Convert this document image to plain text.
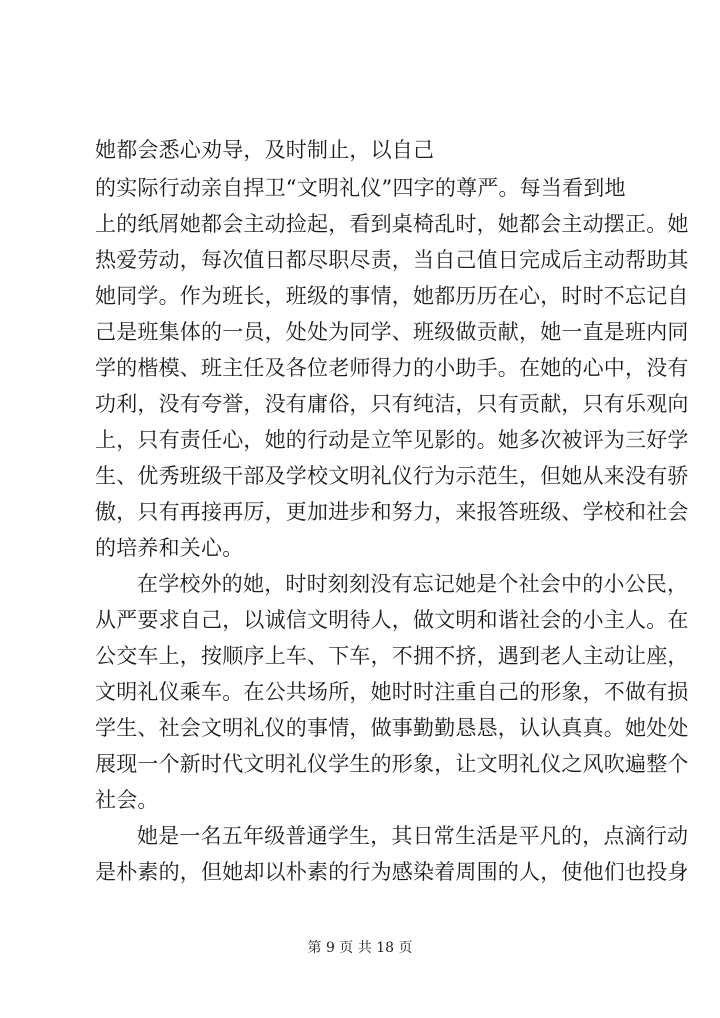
她都会悉心劝导，及时制止，以自己
的实际行动亲自捍卫“文明礼仪”四字的尊严。每当看到地
上的纸屑她都会主动捡起，看到桌椅乱时，她都会主动摆正。她
热爱劳动，每次值日都尽职尽责，当自己值日完成后主动帮助其
她同学。作为班长，班级的事情，她都历历在心，时时不忘记自
己是班集体的一员，处处为同学、班级做贡献，她一直是班内同
学的楷模、班主任及各位老师得力的小助手。在她的心中，没有
功利，没有夸誉，没有庸俗，只有纯洁，只有贡献，只有乐观向
上，只有责任心，她的行动是立竿见影的。她多次被评为三好学
生、优秀班级干部及学校文明礼仪行为示范生，但她从来没有骄
傲，只有再接再厉，更加进步和努力，来报答班级、学校和社会
的培养和关心。
在学校外的她，时时刻刻没有忘记她是个社会中的小公民，
从严要求自己，以诚信文明待人，做文明和谐社会的小主人。在
公交车上，按顺序上车、下车，不拥不挤，遇到老人主动让座，
文明礼仪乘车。在公共场所，她时时注重自己的形象，不做有损
学生、社会文明礼仪的事情，做事勤勤恳恳，认认真真。她处处
展现一个新时代文明礼仪学生的形象，让文明礼仪之风吹遍整个
社会。
她是一名五年级普通学生，其日常生活是平凡的，点滴行动
是朴素的，但她却以朴素的行为感染着周围的人，使他们也投身
第 9 页 共 18 页
